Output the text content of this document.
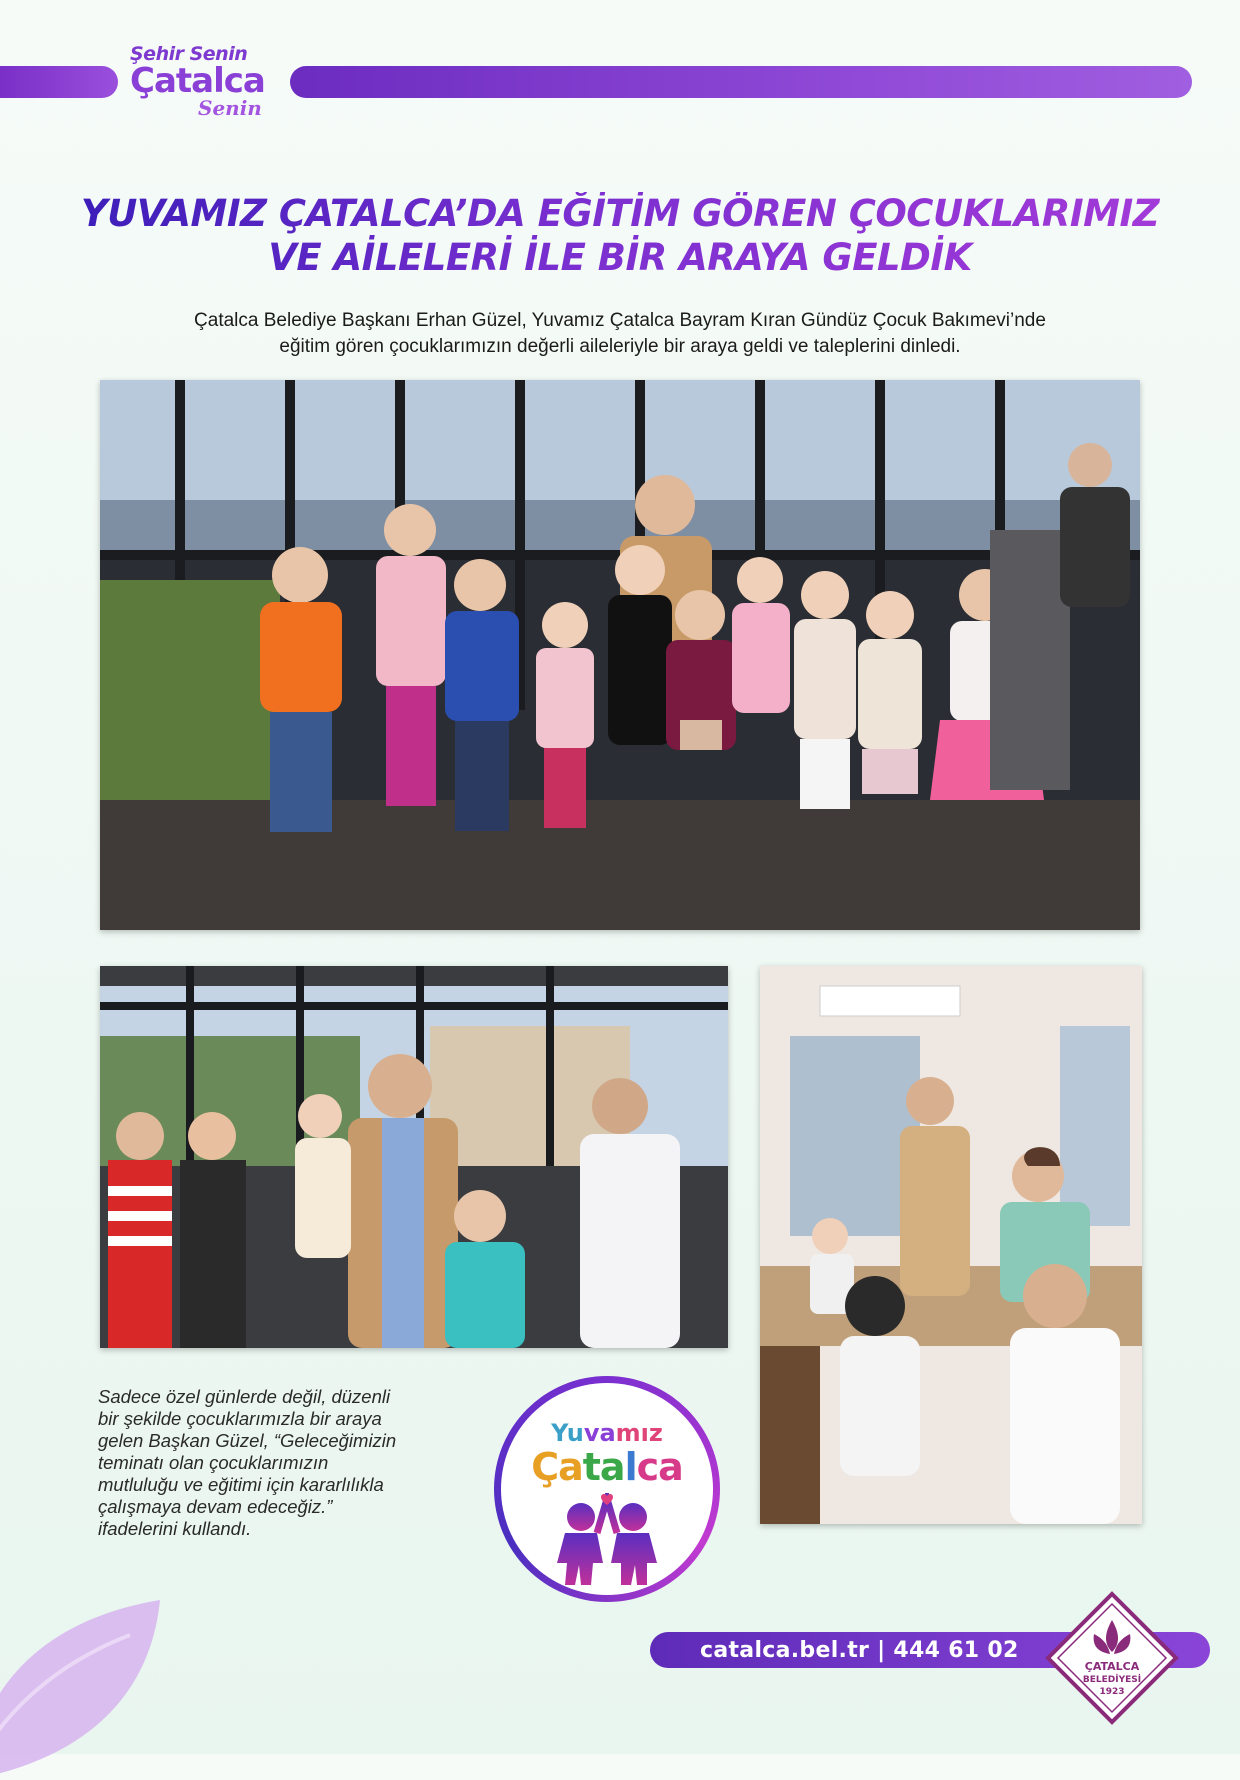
Şehir Senin
Çatalca
Senin
YUVAMIZ ÇATALCA’DA EĞİTİM GÖREN ÇOCUKLARIMIZ
VE AİLELERİ İLE BİR ARAYA GELDİK
Çatalca Belediye Başkanı Erhan Güzel, Yuvamız Çatalca Bayram Kıran Gündüz Çocuk Bakımevi’nde
eğitim gören çocuklarımızın değerli aileleriyle bir araya geldi ve taleplerini dinledi.
Sadece özel günlerde değil, düzenli
bir şekilde çocuklarımızla bir araya
gelen Başkan Güzel, “Geleceğimizin
teminatı olan çocuklarımızın
mutluluğu ve eğitimi için kararlılıkla
çalışmaya devam edeceğiz.”
ifadelerini kullandı.
Yuvamız
Çatalca
catalca.bel.tr | 444 61 02
ÇATALCA
BELEDİYESİ
1923
